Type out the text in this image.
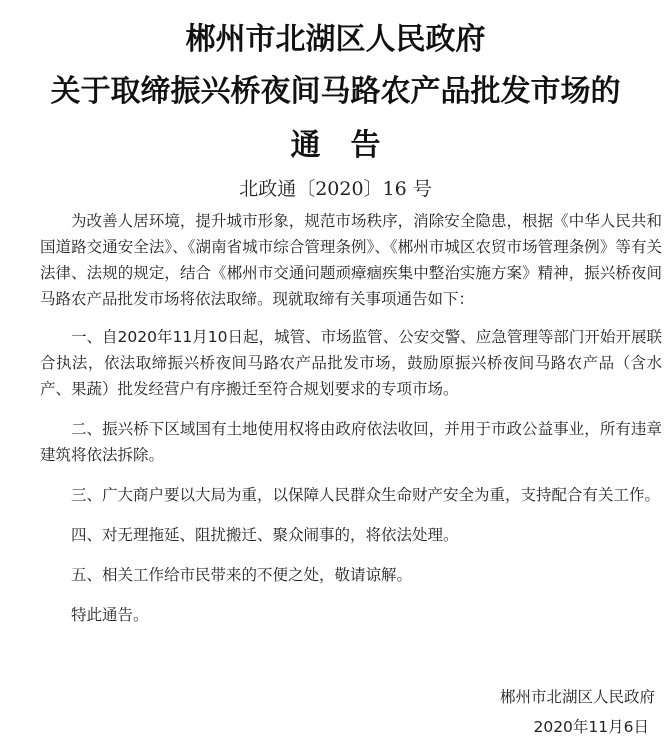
郴州市北湖区人民政府
关于取缔振兴桥夜间马路农产品批发市场的
通告
北政通〔2020〕16 号

为改善人居环境，提升城市形象，规范市场秩序，消除安全隐患，根据《中华人民共和国道路交通安全法》、《湖南省城市综合管理条例》、《郴州市城区农贸市场管理条例》等有关法律、法规的规定，结合《郴州市交通问题顽瘴痼疾集中整治实施方案》精神，振兴桥夜间马路农产品批发市场将依法取缔。现就取缔有关事项通告如下：

一、自2020年11月10日起，城管、市场监管、公安交警、应急管理等部门开始开展联合执法，依法取缔振兴桥夜间马路农产品批发市场，鼓励原振兴桥夜间马路农产品（含水产、果蔬）批发经营户有序搬迁至符合规划要求的专项市场。

二、振兴桥下区域国有土地使用权将由政府依法收回，并用于市政公益事业，所有违章建筑将依法拆除。

三、广大商户要以大局为重，以保障人民群众生命财产安全为重，支持配合有关工作。

四、对无理拖延、阻扰搬迁、聚众闹事的，将依法处理。

五、相关工作给市民带来的不便之处，敬请谅解。

特此通告。

郴州市北湖区人民政府
2020年11月6日
